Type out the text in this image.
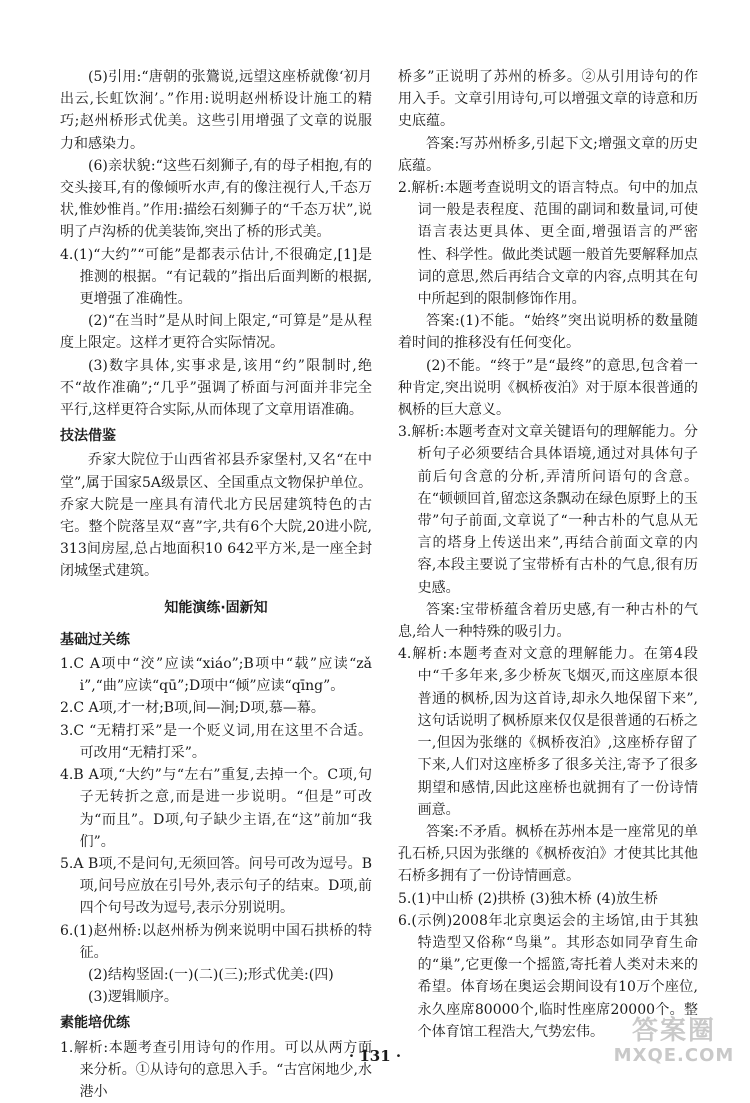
(5)引用:“唐朝的张鷟说,远望这座桥就像‘初月出云,长虹饮涧’。”作用:说明赵州桥设计施工的精巧;赵州桥形式优美。这些引用增强了文章的说服力和感染力。

(6)亲状貌:“这些石刻狮子,有的母子相抱,有的交头接耳,有的像倾听水声,有的像注视行人,千态万状,惟妙惟肖。”作用:描绘石刻狮子的“千态万状”,说明了卢沟桥的优美装饰,突出了桥的形式美。

4.(1)“大约”“可能”是都表示估计,不很确定,[1]是推测的根据。“有记载的”指出后面判断的根据,更增强了准确性。

(2)“在当时”是从时间上限定,“可算是”是从程度上限定。这样才更符合实际情况。

(3)数字具体,实事求是,该用“约”限制时,绝不“故作准确”;“几乎”强调了桥面与河面并非完全平行,这样更符合实际,从而体现了文章用语准确。

技法借鉴

乔家大院位于山西省祁县乔家堡村,又名“在中堂”,属于国家5A级景区、全国重点文物保护单位。乔家大院是一座具有清代北方民居建筑特色的古宅。整个院落呈双“喜”字,共有6个大院,20进小院,313间房屋,总占地面积10 642平方米,是一座全封闭城堡式建筑。

知能演练·固新知
基础过关练

1.C A项中“洨”应读“xiáo”;B项中“载”应读“zǎi”,“曲”应读“qū”;D项中“倾”应读“qīng”。

2.C A项,才一材;B项,间—涧;D项,慕—幕。

3.C “无精打采”是一个贬义词,用在这里不合适。可改用“无精打采”。

4.B A项,“大约”与“左右”重复,去掉一个。C项,句子无转折之意,而是进一步说明。“但是”可改为“而且”。D项,句子缺少主语,在“这”前加“我们”。

5.A B项,不是问句,无须回答。问号可改为逗号。B项,问号应放在引号外,表示句子的结束。D项,前四个句号改为逗号,表示分别说明。

6.(1)赵州桥:以赵州桥为例来说明中国石拱桥的特征。

(2)结构竖固:(一)(二)(三);形式优美:(四)

(3)逻辑顺序。

素能培优练

1.解析:本题考查引用诗句的作用。可以从两方面来分析。①从诗句的意思入手。“古宫闲地少,水港小

桥多”正说明了苏州的桥多。②从引用诗句的作用入手。文章引用诗句,可以增强文章的诗意和历史底蕴。

答案:写苏州桥多,引起下文;增强文章的历史底蕴。

2.解析:本题考查说明文的语言特点。句中的加点词一般是表程度、范围的副词和数量词,可使语言表达更具体、更全面,增强语言的严密性、科学性。做此类试题一般首先要解释加点词的意思,然后再结合文章的内容,点明其在句中所起到的限制修饰作用。

答案:(1)不能。“始终”突出说明桥的数量随着时间的推移没有任何变化。

(2)不能。“终于”是“最终”的意思,包含着一种肯定,突出说明《枫桥夜泊》对于原本很普通的枫桥的巨大意义。

3.解析:本题考查对文章关键语句的理解能力。分析句子必须要结合具体语境,通过对具体句子前后句含意的分析,弄清所问语句的含意。在“顿顿回首,留恋这条飘动在绿色原野上的玉带”句子前面,文章说了“一种古朴的气息从无言的塔身上传送出来”,再结合前面文章的内容,本段主要说了宝带桥有古朴的气息,很有历史感。

答案:宝带桥蕴含着历史感,有一种古朴的气息,给人一种特殊的吸引力。

4.解析:本题考查对文意的理解能力。在第4段中“千多年来,多少桥灰飞烟灭,而这座原本很普通的枫桥,因为这首诗,却永久地保留下来”,这句话说明了枫桥原来仅仅是很普通的石桥之一,但因为张继的《枫桥夜泊》,这座桥存留了下来,人们对这座桥多了很多关注,寄予了很多期望和感情,因此这座桥也就拥有了一份诗情画意。

答案:不矛盾。枫桥在苏州本是一座常见的单孔石桥,只因为张继的《枫桥夜泊》才使其比其他石桥多拥有了一份诗情画意。

5.(1)中山桥 (2)拱桥 (3)独木桥 (4)放生桥

6.(示例)2008年北京奥运会的主场馆,由于其独特造型又俗称“鸟巢”。其形态如同孕育生命的“巢”,它更像一个摇篮,寄托着人类对未来的希望。体育场在奥运会期间设有10万个座位,永久座席80000个,临时性座席20000个。整个体育馆工程浩大,气势宏伟。

· 131 ·
答案圈
MXQE.COM
